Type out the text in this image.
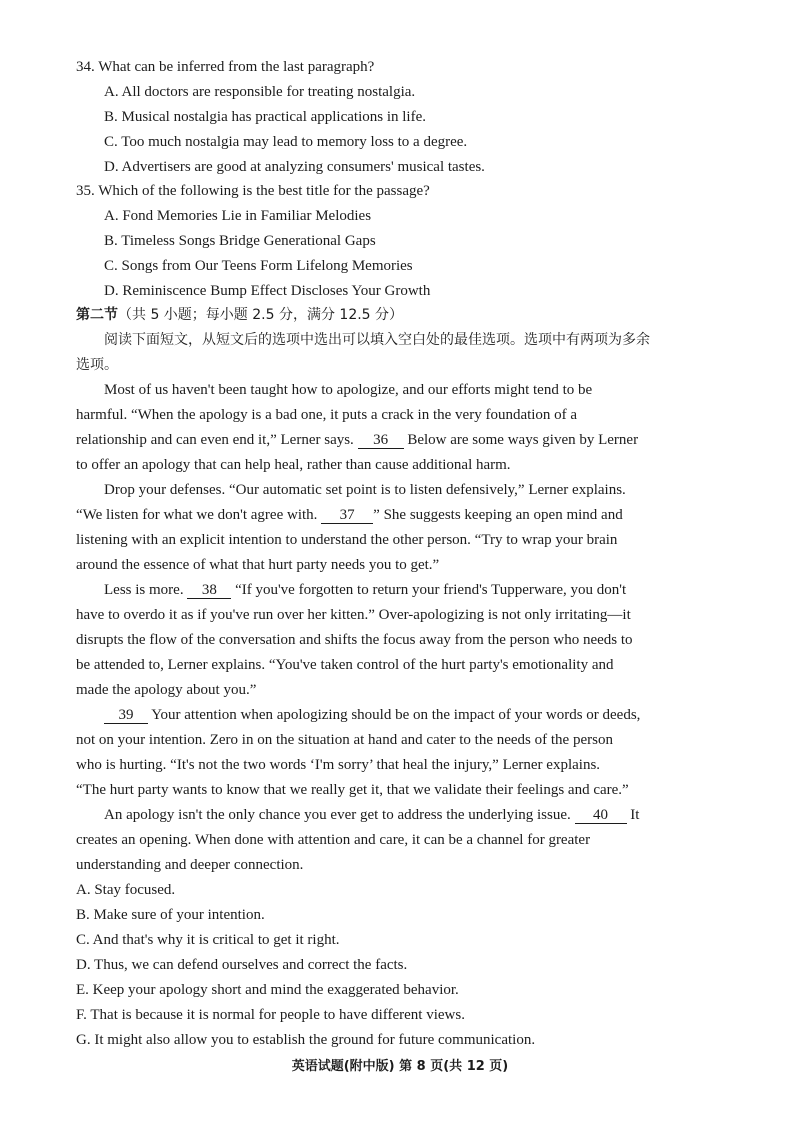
34. What can be inferred from the last paragraph?
A. All doctors are responsible for treating nostalgia.
B. Musical nostalgia has practical applications in life.
C. Too much nostalgia may lead to memory loss to a degree.
D. Advertisers are good at analyzing consumers' musical tastes.
35. Which of the following is the best title for the passage?
A. Fond Memories Lie in Familiar Melodies
B. Timeless Songs Bridge Generational Gaps
C. Songs from Our Teens Form Lifelong Memories
D. Reminiscence Bump Effect Discloses Your Growth
第二节（共 5 小题；每小题 2.5 分，满分 12.5 分）
阅读下面短文，从短文后的选项中选出可以填入空白处的最佳选项。选项中有两项为多余
选项。
Most of us haven't been taught how to apologize, and our efforts might tend to be
harmful. “When the apology is a bad one, it puts a crack in the very foundation of a
relationship and can even end it,” Lerner says. 36 Below are some ways given by Lerner
to offer an apology that can help heal, rather than cause additional harm.
Drop your defenses. “Our automatic set point is to listen defensively,” Lerner explains.
“We listen for what we don't agree with. 37 ” She suggests keeping an open mind and
listening with an explicit intention to understand the other person. “Try to wrap your brain
around the essence of what that hurt party needs you to get.”
Less is more. 38 “If you've forgotten to return your friend's Tupperware, you don't
have to overdo it as if you've run over her kitten.” Over-apologizing is not only irritating—it
disrupts the flow of the conversation and shifts the focus away from the person who needs to
be attended to, Lerner explains. “You've taken control of the hurt party's emotionality and
made the apology about you.”
39 Your attention when apologizing should be on the impact of your words or deeds,
not on your intention. Zero in on the situation at hand and cater to the needs of the person
who is hurting. “It's not the two words ‘I'm sorry’ that heal the injury,” Lerner explains.
“The hurt party wants to know that we really get it, that we validate their feelings and care.”
An apology isn't the only chance you ever get to address the underlying issue. 40 It
creates an opening. When done with attention and care, it can be a channel for greater
understanding and deeper connection.
A. Stay focused.
B. Make sure of your intention.
C. And that's why it is critical to get it right.
D. Thus, we can defend ourselves and correct the facts.
E. Keep your apology short and mind the exaggerated behavior.
F. That is because it is normal for people to have different views.
G. It might also allow you to establish the ground for future communication.
英语试题(附中版) 第 8 页(共 12 页)
